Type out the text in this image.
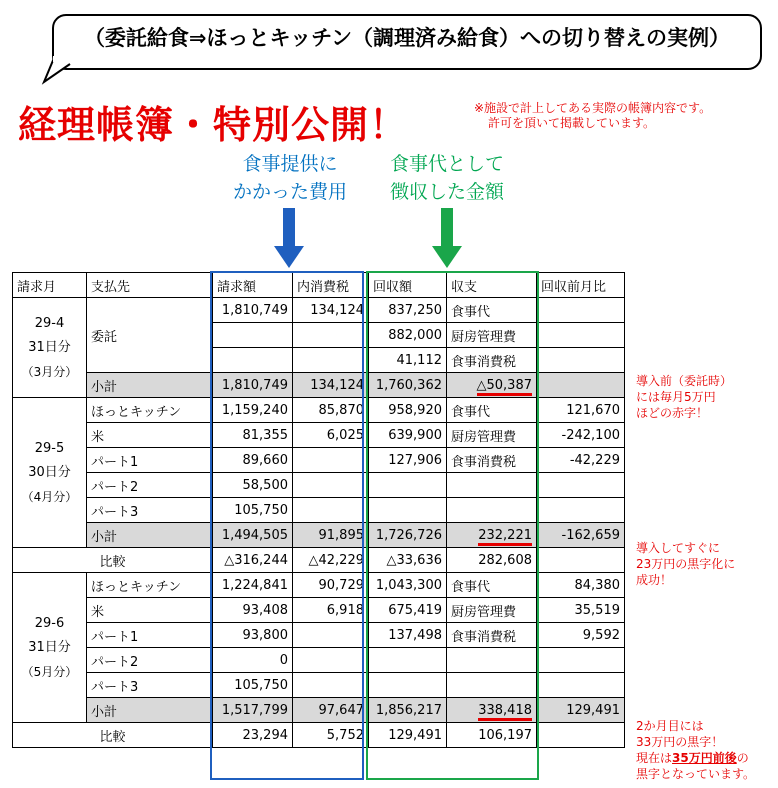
（委託給食⇒ほっとキッチン（調理済み給食）への切り替えの実例）
経理帳簿・特別公開！	※施設で計上してある実際の帳簿内容です。
許可を頂いて掲載しています。
食事提供に
かかった費用
食事代として
徴収した金額
請求月	支払先	請求額	内消費税	回収額	収支	回収前月比

29-4
31日分
（3月分）	委託	1,810,749	134,124	837,250	食事代	
				882,000	厨房管理費	
				41,112	食事消費税	
	小計	1,810,749	134,124	1,760,362	△50,387	

29-5
30日分
（4月分）	ほっとキッチン	1,159,240	85,870	958,920	食事代	121,670
	米	81,355	6,025	639,900	厨房管理費	-242,100
	パート1	89,660		127,906	食事消費税	-42,229
	パート2	58,500				
	パート3	105,750				
	小計	1,494,505	91,895	1,726,726	232,221	-162,659
比較		△316,244	△42,229	△33,636	282,608	

29-6
31日分
（5月分）	ほっとキッチン	1,224,841	90,729	1,043,300	食事代	84,380
	米	93,408	6,918	675,419	厨房管理費	35,519
	パート1	93,800		137,498	食事消費税	9,592
	パート2	0				
	パート3	105,750				
	小計	1,517,799	97,647	1,856,217	338,418	129,491
比較		23,294	5,752	129,491	106,197	
導入前（委託時）
には毎月5万円
ほどの赤字！
導入してすぐに
23万円の黒字化に
成功！
2か月目には
33万円の黒字！
現在は35万円前後の
黒字となっています。
